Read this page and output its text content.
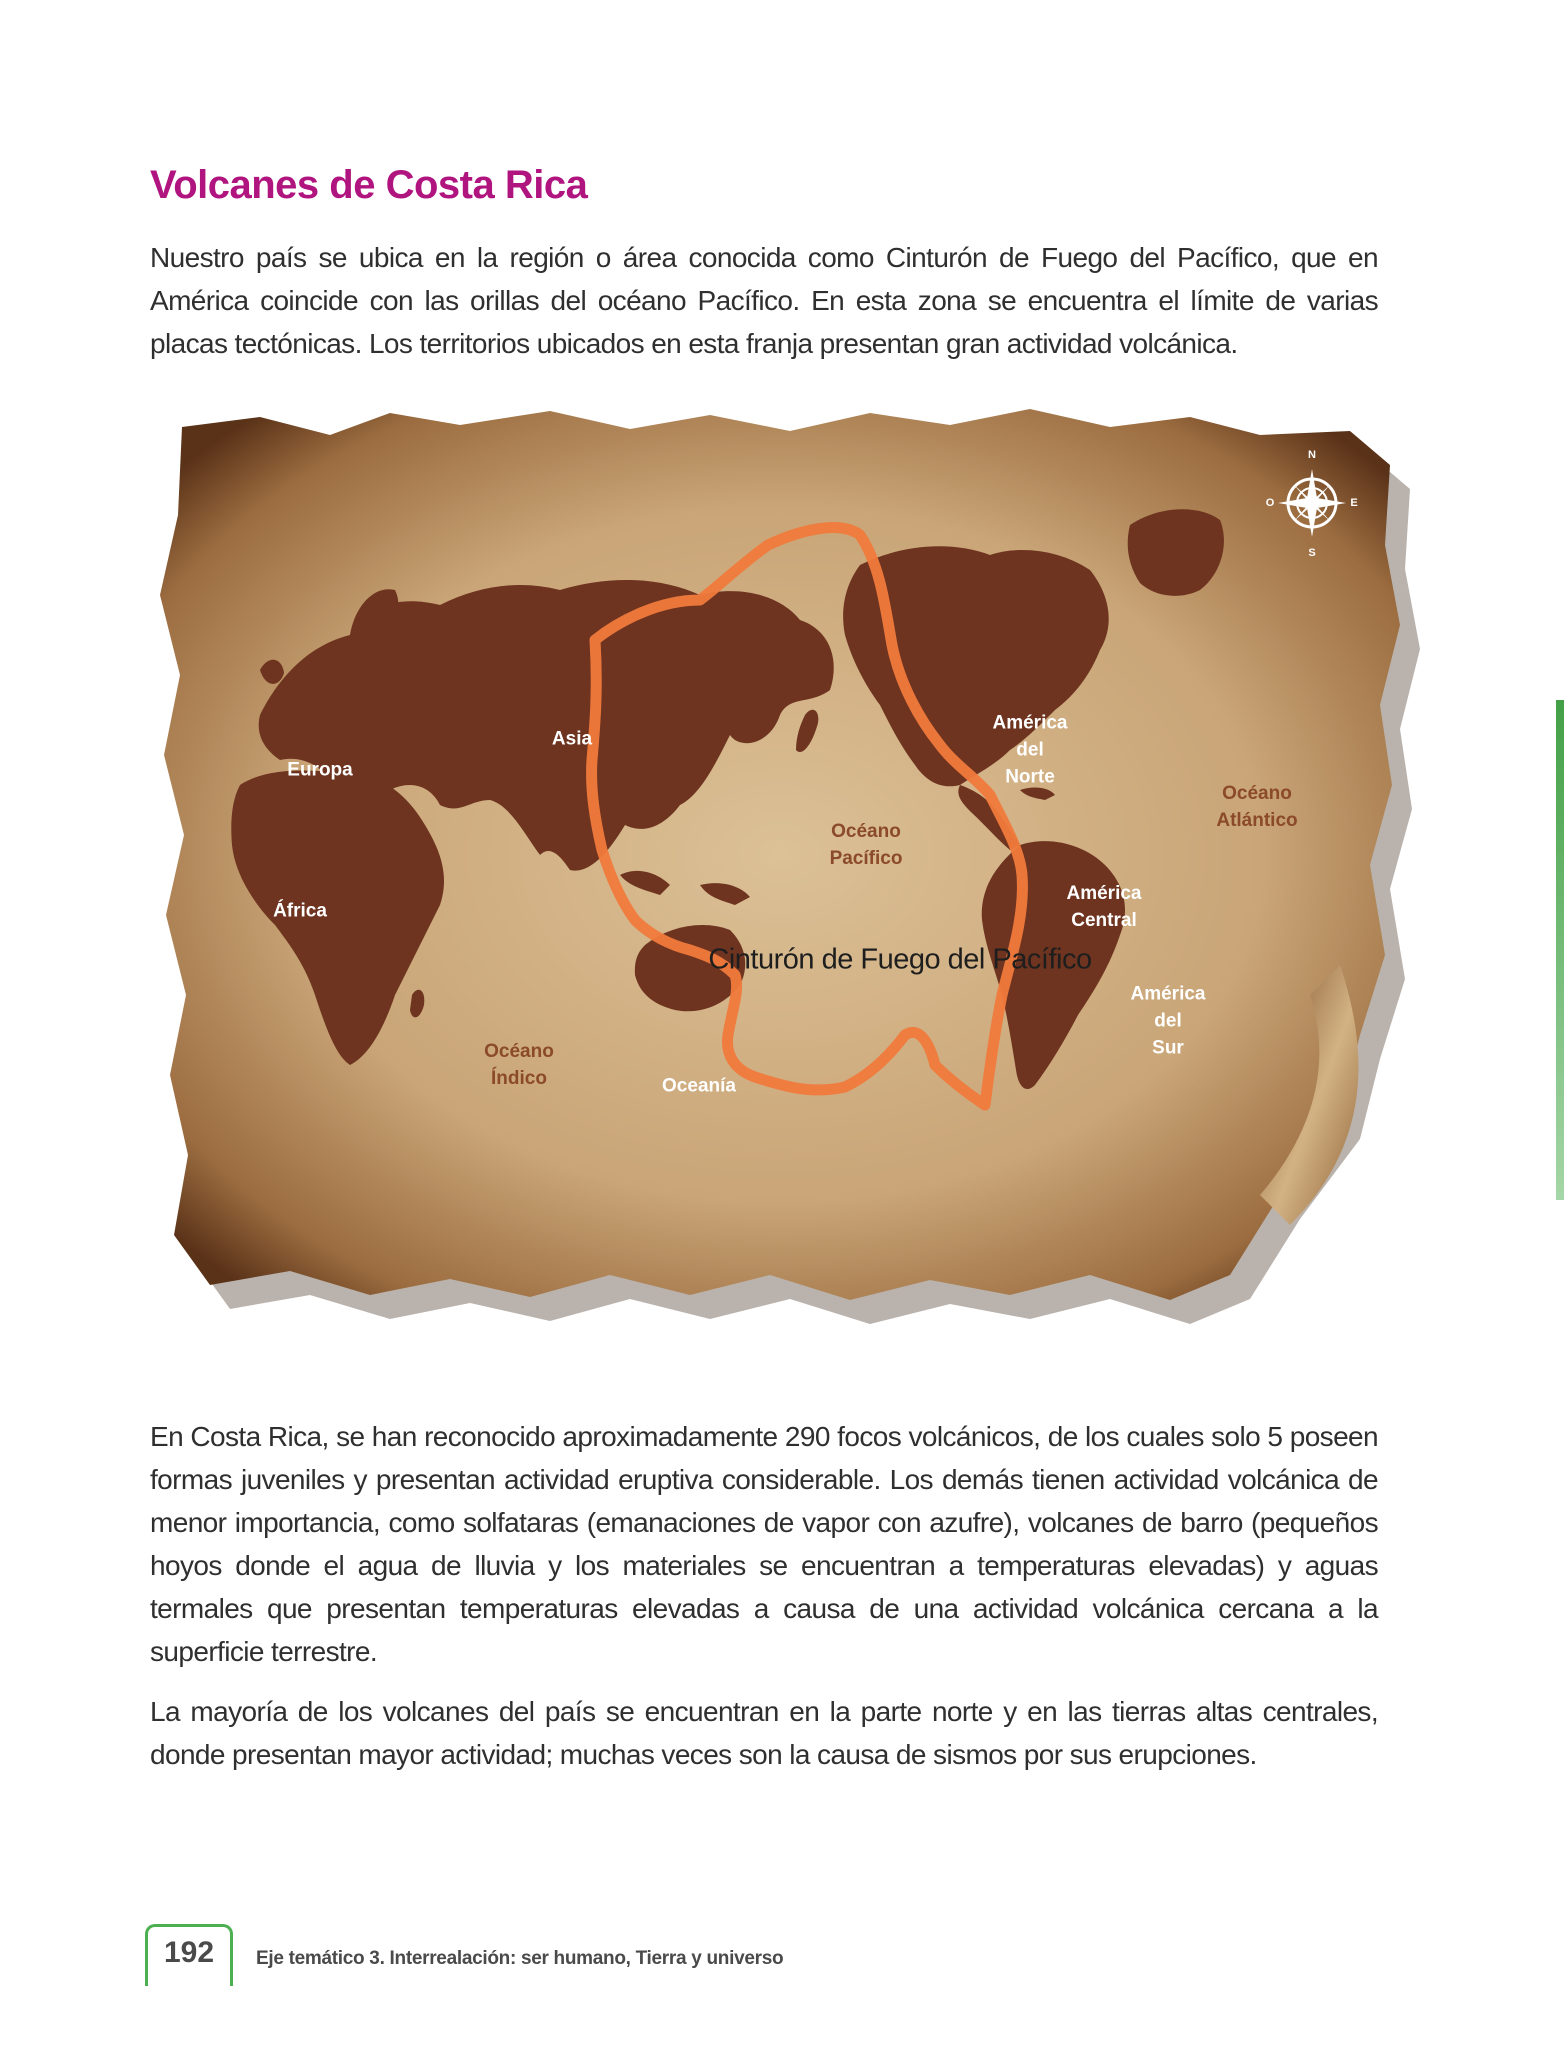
Volcanes de Costa Rica

Nuestro país se ubica en la región o área conocida como Cinturón de Fuego del Pacífico, que en América coincide con las orillas del océano Pacífico. En esta zona se encuentra el límite de varias placas tectónicas. Los territorios ubicados en esta franja presentan gran actividad volcánica.

N
S
E
O
Europa
Asia
África
Oceanía
América
del
Norte
América
Central
América
del
Sur
Océano
Pacífico
Océano
Atlántico
Océano
Índico
Cinturón de Fuego del Pacífico

En Costa Rica, se han reconocido aproximadamente 290 focos volcánicos, de los cuales solo 5 poseen formas juveniles y presentan actividad eruptiva considerable. Los demás tienen actividad volcánica de menor importancia, como solfataras (emanaciones de vapor con azufre), volcanes de barro (pequeños hoyos donde el agua de lluvia y los materiales se encuentran a temperaturas elevadas) y aguas termales que presentan temperaturas elevadas a causa de una actividad volcánica cercana a la superficie terrestre.

La mayoría de los volcanes del país se encuentran en la parte norte y en las tierras altas centrales, donde presentan mayor actividad; muchas veces son la causa de sismos por sus erupciones.

192	Eje temático 3. Interrealación: ser humano, Tierra y universo
